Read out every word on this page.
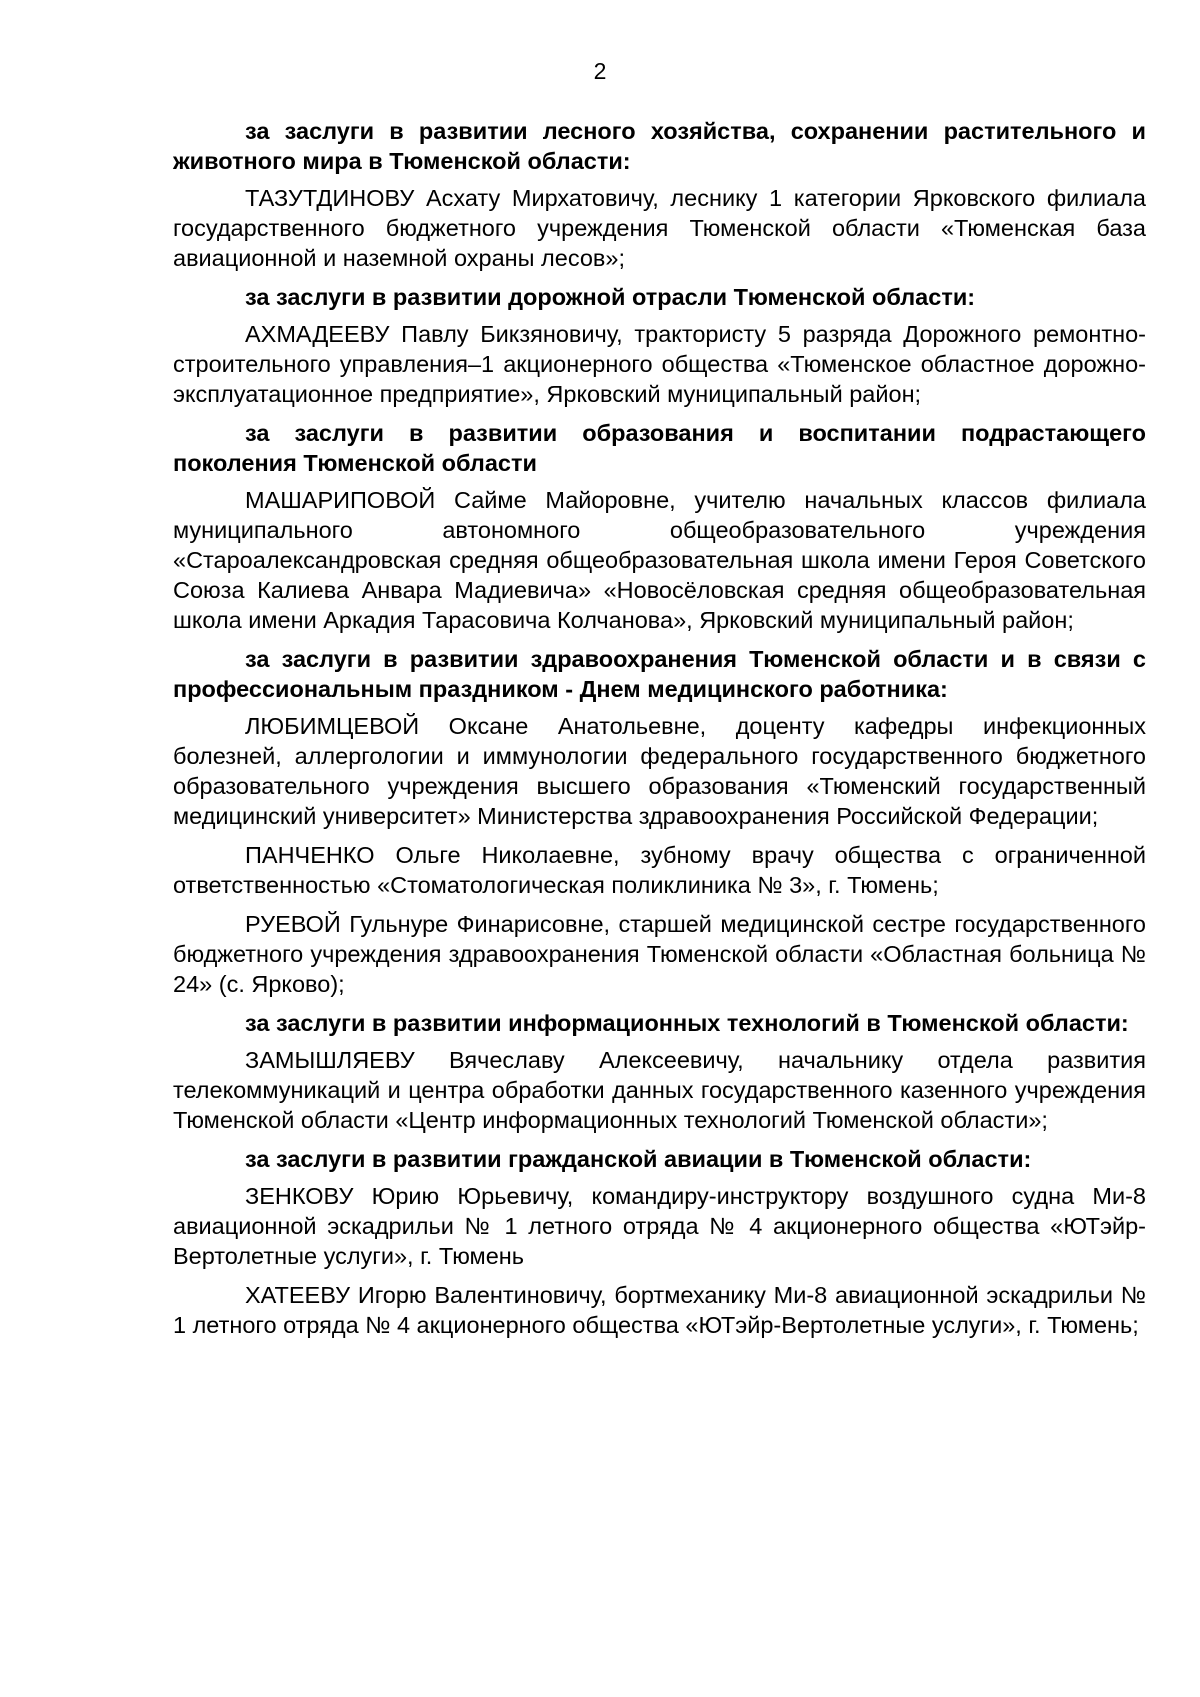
2

за заслуги в развитии лесного хозяйства, сохранении растительного и животного мира в Тюменской области:

ТАЗУТДИНОВУ Асхату Мирхатовичу, леснику 1 категории Ярковского филиала государственного бюджетного учреждения Тюменской области «Тюменская база авиационной и наземной охраны лесов»;

за заслуги в развитии дорожной отрасли Тюменской области:

АХМАДЕЕВУ Павлу Бикзяновичу, трактористу 5 разряда Дорожного ремонтно-строительного управления–1 акционерного общества «Тюменское областное дорожно-эксплуатационное предприятие», Ярковский муниципальный район;

за заслуги в развитии образования и воспитании подрастающего поколения Тюменской области

МАШАРИПОВОЙ Сайме Майоровне, учителю начальных классов филиала муниципального автономного общеобразовательного учреждения «Староалександровская средняя общеобразовательная школа имени Героя Советского Союза Калиева Анвара Мадиевича» «Новосёловская средняя общеобразовательная школа имени Аркадия Тарасовича Колчанова», Ярковский муниципальный район;

за заслуги в развитии здравоохранения Тюменской области и в связи с профессиональным праздником - Днем медицинского работника:

ЛЮБИМЦЕВОЙ Оксане Анатольевне, доценту кафедры инфекционных болезней, аллергологии и иммунологии федерального государственного бюджетного образовательного учреждения высшего образования «Тюменский государственный медицинский университет» Министерства здравоохранения Российской Федерации;

ПАНЧЕНКО Ольге Николаевне, зубному врачу общества с ограниченной ответственностью «Стоматологическая поликлиника № 3», г. Тюмень;

РУЕВОЙ Гульнуре Финарисовне, старшей медицинской сестре государственного бюджетного учреждения здравоохранения Тюменской области «Областная больница № 24» (с. Ярково);

за заслуги в развитии информационных технологий в Тюменской области:

ЗАМЫШЛЯЕВУ Вячеславу Алексеевичу, начальнику отдела развития телекоммуникаций и центра обработки данных государственного казенного учреждения Тюменской области «Центр информационных технологий Тюменской области»;

за заслуги в развитии гражданской авиации в Тюменской области:

ЗЕНКОВУ Юрию Юрьевичу, командиру-инструктору воздушного судна Ми-8 авиационной эскадрильи № 1 летного отряда № 4 акционерного общества «ЮТэйр-Вертолетные услуги», г. Тюмень

ХАТЕЕВУ Игорю Валентиновичу, бортмеханику Ми-8 авиационной эскадрильи № 1 летного отряда № 4 акционерного общества «ЮТэйр-Вертолетные услуги», г. Тюмень;
